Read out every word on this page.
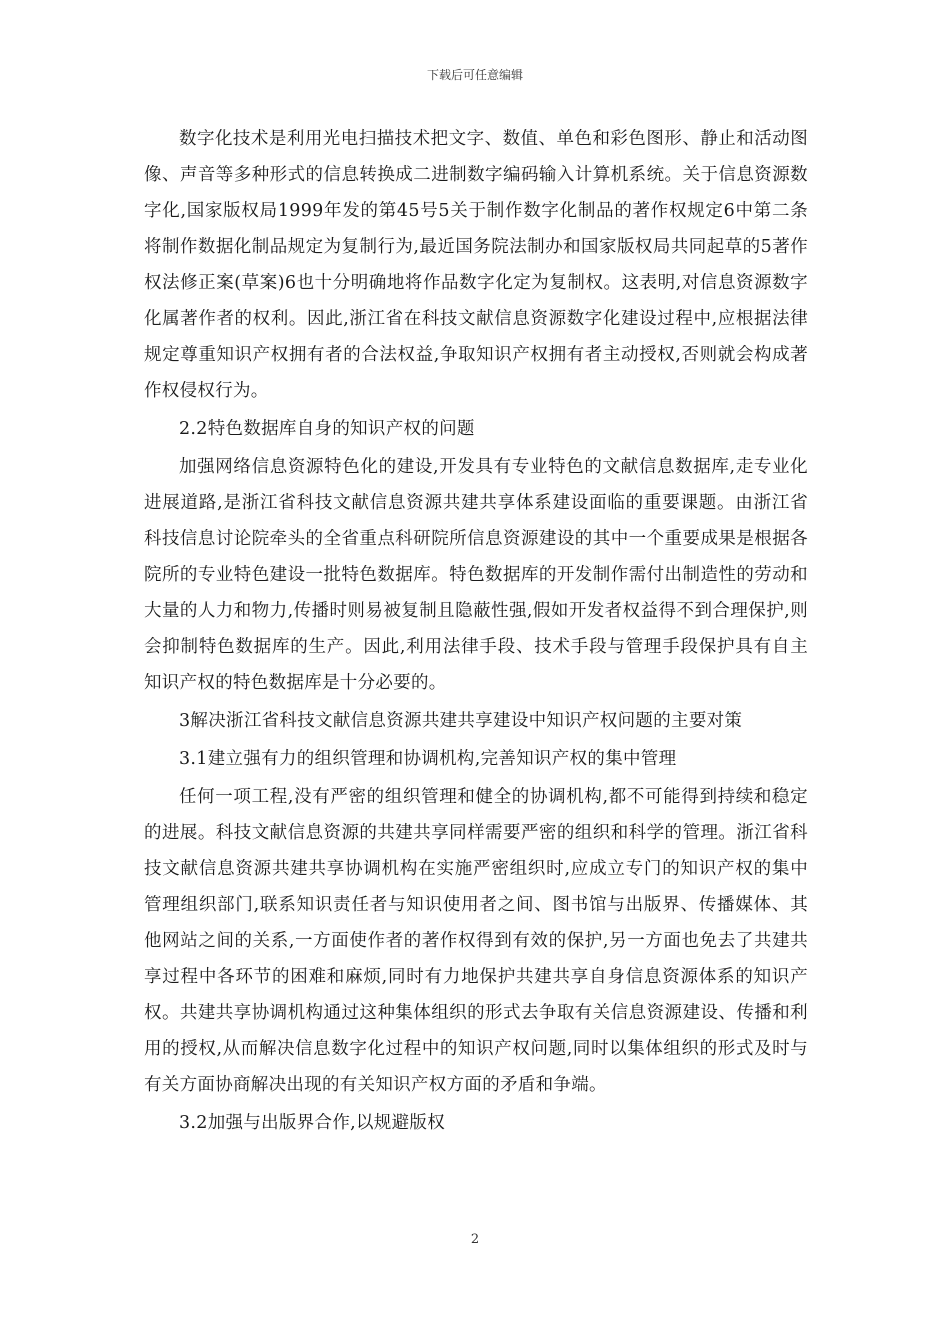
下载后可任意编辑

数字化技术是利用光电扫描技术把文字、数值、单色和彩色图形、静止和活动图像、声音等多种形式的信息转换成二进制数字编码输入计算机系统。关于信息资源数字化,国家版权局1999年发的第45号5关于制作数字化制品的著作权规定6中第二条将制作数据化制品规定为复制行为,最近国务院法制办和国家版权局共同起草的5著作权法修正案(草案)6也十分明确地将作品数字化定为复制权。这表明,对信息资源数字化属著作者的权利。因此,浙江省在科技文献信息资源数字化建设过程中,应根据法律规定尊重知识产权拥有者的合法权益,争取知识产权拥有者主动授权,否则就会构成著作权侵权行为。

2.2特色数据库自身的知识产权的问题

加强网络信息资源特色化的建设,开发具有专业特色的文献信息数据库,走专业化进展道路,是浙江省科技文献信息资源共建共享体系建设面临的重要课题。由浙江省科技信息讨论院牵头的全省重点科研院所信息资源建设的其中一个重要成果是根据各院所的专业特色建设一批特色数据库。特色数据库的开发制作需付出制造性的劳动和大量的人力和物力,传播时则易被复制且隐蔽性强,假如开发者权益得不到合理保护,则会抑制特色数据库的生产。因此,利用法律手段、技术手段与管理手段保护具有自主知识产权的特色数据库是十分必要的。

3解决浙江省科技文献信息资源共建共享建设中知识产权问题的主要对策

3.1建立强有力的组织管理和协调机构,完善知识产权的集中管理

任何一项工程,没有严密的组织管理和健全的协调机构,都不可能得到持续和稳定的进展。科技文献信息资源的共建共享同样需要严密的组织和科学的管理。浙江省科技文献信息资源共建共享协调机构在实施严密组织时,应成立专门的知识产权的集中管理组织部门,联系知识责任者与知识使用者之间、图书馆与出版界、传播媒体、其他网站之间的关系,一方面使作者的著作权得到有效的保护,另一方面也免去了共建共享过程中各环节的困难和麻烦,同时有力地保护共建共享自身信息资源体系的知识产权。共建共享协调机构通过这种集体组织的形式去争取有关信息资源建设、传播和利用的授权,从而解决信息数字化过程中的知识产权问题,同时以集体组织的形式及时与有关方面协商解决出现的有关知识产权方面的矛盾和争端。

3.2加强与出版界合作,以规避版权

2
